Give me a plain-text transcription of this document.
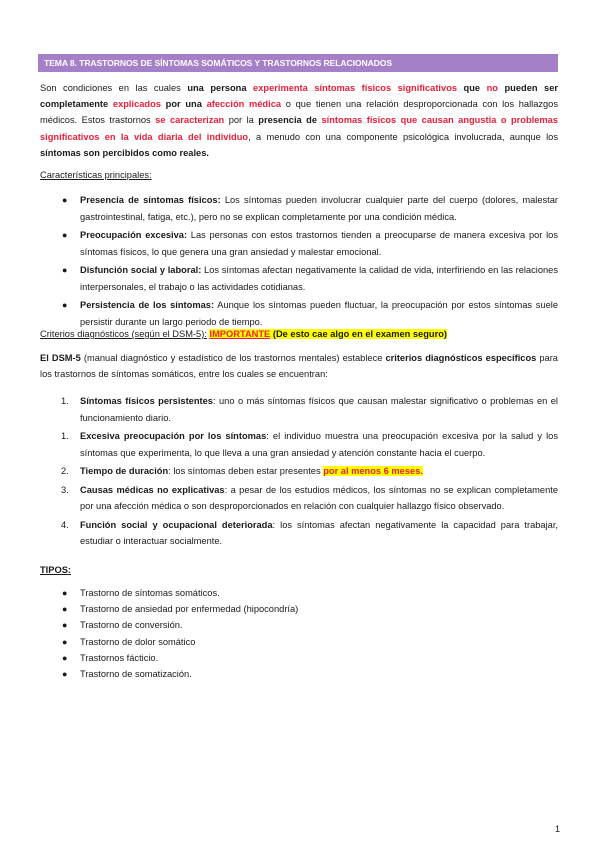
TEMA 8. TRASTORNOS DE SÍNTOMAS SOMÁTICOS Y TRASTORNOS RELACIONADOS

Son condiciones en las cuales una persona experimenta síntomas físicos significativos que no pueden ser completamente explicados por una afección médica o que tienen una relación desproporcionada con los hallazgos médicos. Estos trastornos se caracterizan por la presencia de síntomas físicos que causan angustia o problemas significativos en la vida diaria del individuo, a menudo con una componente psicológica involucrada, aunque los síntomas son percibidos como reales.

Características principales:

● Presencia de síntomas físicos: Los síntomas pueden involucrar cualquier parte del cuerpo (dolores, malestar gastrointestinal, fatiga, etc.), pero no se explican completamente por una condición médica.
● Preocupación excesiva: Las personas con estos trastornos tienden a preocuparse de manera excesiva por los síntomas físicos, lo que genera una gran ansiedad y malestar emocional.
● Disfunción social y laboral: Los síntomas afectan negativamente la calidad de vida, interfiriendo en las relaciones interpersonales, el trabajo o las actividades cotidianas.
● Persistencia de los síntomas: Aunque los síntomas pueden fluctuar, la preocupación por estos síntomas suele persistir durante un largo periodo de tiempo.

Criterios diagnósticos (según el DSM-5): IMPORTANTE (De esto cae algo en el examen seguro)

El DSM-5 (manual diagnóstico y estadístico de los trastornos mentales) establece criterios diagnósticos específicos para los trastornos de síntomas somáticos, entre los cuales se encuentran:

1. Síntomas físicos persistentes: uno o más síntomas físicos que causan malestar significativo o problemas en el funcionamiento diario.
1. Excesiva preocupación por los síntomas: el individuo muestra una preocupación excesiva por la salud y los síntomas que experimenta, lo que lleva a una gran ansiedad y atención constante hacia el cuerpo.
2. Tiempo de duración: los síntomas deben estar presentes por al menos 6 meses.
3. Causas médicas no explicativas: a pesar de los estudios médicos, los síntomas no se explican completamente por una afección médica o son desproporcionados en relación con cualquier hallazgo físico observado.
4. Función social y ocupacional deteriorada: los síntomas afectan negativamente la capacidad para trabajar, estudiar o interactuar socialmente.

TIPOS:

● Trastorno de síntomas somáticos.
● Trastorno de ansiedad por enfermedad (hipocondría)
● Trastorno de conversión.
● Trastorno de dolor somático
● Trastornos fácticio.
● Trastorno de somatización.
1
